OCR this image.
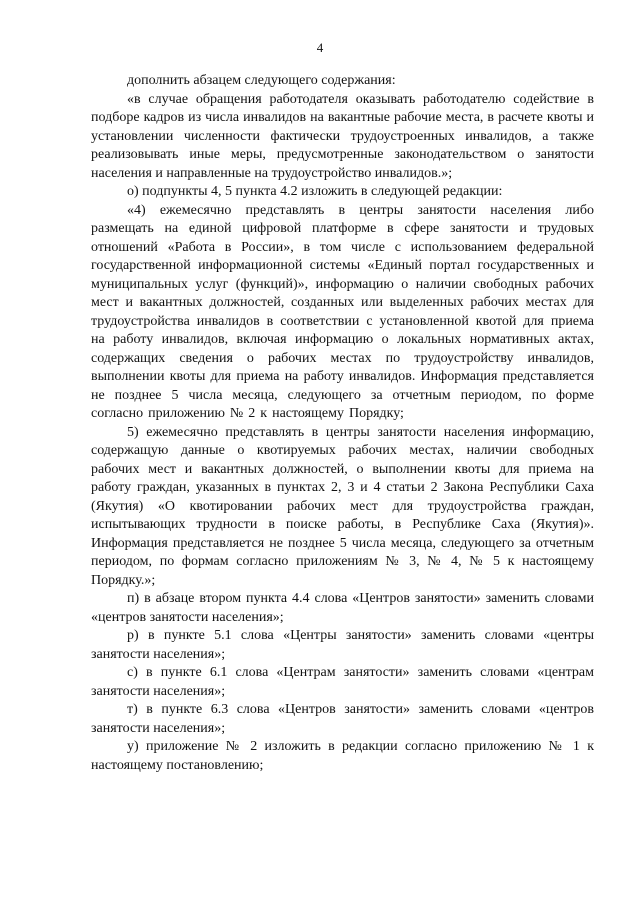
4

дополнить абзацем следующего содержания:

«в случае обращения работодателя оказывать работодателю содействие в подборе кадров из числа инвалидов на вакантные рабочие места, в расчете квоты и установлении численности фактически трудоустроенных инвалидов, а также реализовывать иные меры, предусмотренные законодательством о занятости населения и направленные на трудоустройство инвалидов.»;

о) подпункты 4, 5 пункта 4.2 изложить в следующей редакции:

«4) ежемесячно представлять в центры занятости населения либо размещать на единой цифровой платформе в сфере занятости и трудовых отношений «Работа в России», в том числе с использованием федеральной государственной информационной системы «Единый портал государственных и муниципальных услуг (функций)», информацию о наличии свободных рабочих мест и вакантных должностей, созданных или выделенных рабочих местах для трудоустройства инвалидов в соответствии с установленной квотой для приема на работу инвалидов, включая информацию о локальных нормативных актах, содержащих сведения о рабочих местах по трудоустройству инвалидов, выполнении квоты для приема на работу инвалидов. Информация представляется не позднее 5 числа месяца, следующего за отчетным периодом, по форме согласно приложению № 2 к настоящему Порядку;

5) ежемесячно представлять в центры занятости населения информацию, содержащую данные о квотируемых рабочих местах, наличии свободных рабочих мест и вакантных должностей, о выполнении квоты для приема на работу граждан, указанных в пунктах 2, 3 и 4 статьи 2 Закона Республики Саха (Якутия) «О квотировании рабочих мест для трудоустройства граждан, испытывающих трудности в поиске работы, в Республике Саха (Якутия)». Информация представляется не позднее 5 числа месяца, следующего за отчетным периодом, по формам согласно приложениям № 3, № 4, № 5 к настоящему Порядку.»;

п) в абзаце втором пункта 4.4 слова «Центров занятости» заменить словами «центров занятости населения»;

р) в пункте 5.1 слова «Центры занятости» заменить словами «центры занятости населения»;

с) в пункте 6.1 слова «Центрам занятости» заменить словами «центрам занятости населения»;

т) в пункте 6.3 слова «Центров занятости» заменить словами «центров занятости населения»;

у) приложение № 2 изложить в редакции согласно приложению № 1 к настоящему постановлению;
